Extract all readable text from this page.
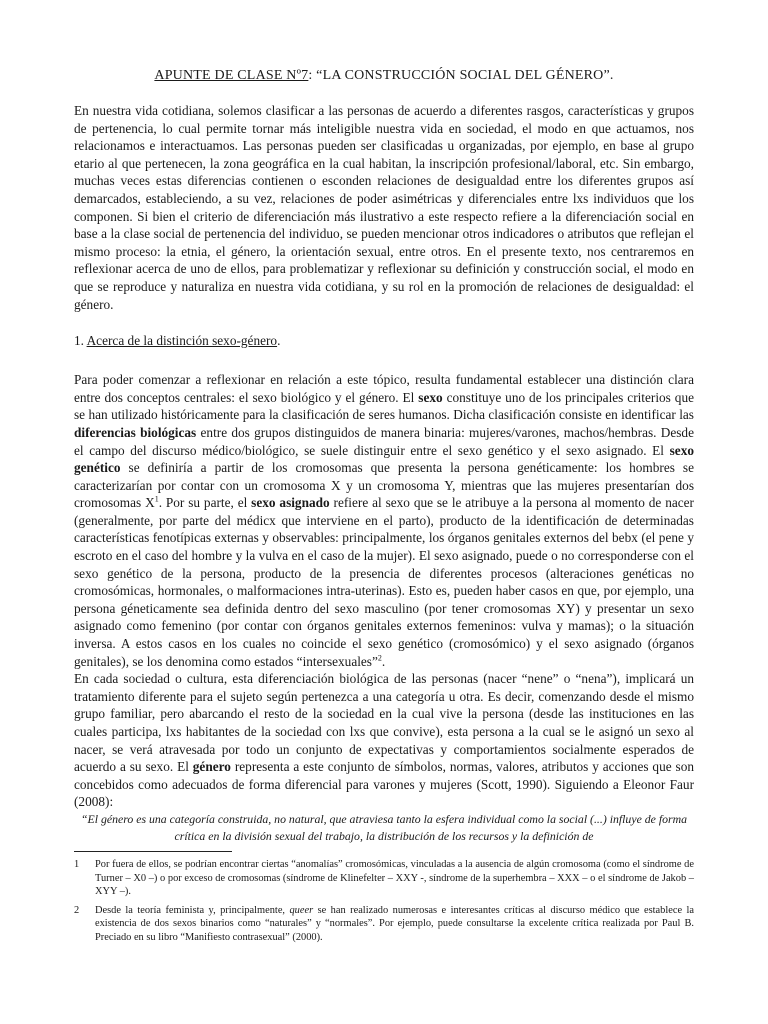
APUNTE DE CLASE Nº7: “LA CONSTRUCCIÓN SOCIAL DEL GÉNERO”.

En nuestra vida cotidiana, solemos clasificar a las personas de acuerdo a diferentes rasgos, características y grupos de pertenencia, lo cual permite tornar más inteligible nuestra vida en sociedad, el modo en que actuamos, nos relacionamos e interactuamos. Las personas pueden ser clasificadas u organizadas, por ejemplo, en base al grupo etario al que pertenecen, la zona geográfica en la cual habitan, la inscripción profesional/laboral, etc. Sin embargo, muchas veces estas diferencias contienen o esconden relaciones de desigualdad entre los diferentes grupos así demarcados, estableciendo, a su vez, relaciones de poder asimétricas y diferenciales entre lxs individuos que los componen. Si bien el criterio de diferenciación más ilustrativo a este respecto refiere a la diferenciación social en base a la clase social de pertenencia del individuo, se pueden mencionar otros indicadores o atributos que reflejan el mismo proceso: la etnia, el género, la orientación sexual, entre otros. En el presente texto, nos centraremos en reflexionar acerca de uno de ellos, para problematizar y reflexionar su definición y construcción social, el modo en que se reproduce y naturaliza en nuestra vida cotidiana, y su rol en la promoción de relaciones de desigualdad: el género.

1. Acerca de la distinción sexo-género.

Para poder comenzar a reflexionar en relación a este tópico, resulta fundamental establecer una distinción clara entre dos conceptos centrales: el sexo biológico y el género. El sexo constituye uno de los principales criterios que se han utilizado históricamente para la clasificación de seres humanos. Dicha clasificación consiste en identificar las diferencias biológicas entre dos grupos distinguidos de manera binaria: mujeres/varones, machos/hembras. Desde el campo del discurso médico/biológico, se suele distinguir entre el sexo genético y el sexo asignado. El sexo genético se definiría a partir de los cromosomas que presenta la persona genéticamente: los hombres se caracterizarían por contar con un cromosoma X y un cromosoma Y, mientras que las mujeres presentarían dos cromosomas $X^1$. Por su parte, el sexo asignado refiere al sexo que se le atribuye a la persona al momento de nacer (generalmente, por parte del médicx que interviene en el parto), producto de la identificación de determinadas características fenotípicas externas y observables: principalmente, los órganos genitales externos del bebx (el pene y escroto en el caso del hombre y la vulva en el caso de la mujer). El sexo asignado, puede o no corresponderse con el sexo genético de la persona, producto de la presencia de diferentes procesos (alteraciones genéticas no cromosómicas, hormonales, o malformaciones intra-uterinas). Esto es, pueden haber casos en que, por ejemplo, una persona géneticamente sea definida dentro del sexo masculino (por tener cromosomas XY) y presentar un sexo asignado como femenino (por contar con órganos genitales externos femeninos: vulva y mamas); o la situación inversa. A estos casos en los cuales no coincide el sexo genético (cromosómico) y el sexo asignado (órganos genitales), se los denomina como estados “intersexuales”$^2$.

En cada sociedad o cultura, esta diferenciación biológica de las personas (nacer “nene” o “nena”), implicará un tratamiento diferente para el sujeto según pertenezca a una categoría u otra. Es decir, comenzando desde el mismo grupo familiar, pero abarcando el resto de la sociedad en la cual vive la persona (desde las instituciones en las cuales participa, lxs habitantes de la sociedad con lxs que convive), esta persona a la cual se le asignó un sexo al nacer, se verá atravesada por todo un conjunto de expectativas y comportamientos socialmente esperados de acuerdo a su sexo. El género representa a este conjunto de símbolos, normas, valores, atributos y acciones que son concebidos como adecuados de forma diferencial para varones y mujeres (Scott, 1990). Siguiendo a Eleonor Faur (2008):

“El género es una categoría construida, no natural, que atraviesa tanto la esfera individual como la social (...) influye de forma crítica en la división sexual del trabajo, la distribución de los recursos y la definición de

1	Por fuera de ellos, se podrían encontrar ciertas “anomalías” cromosómicas, vinculadas a la ausencia de algún cromosoma (como el síndrome de Turner – X0 –) o por exceso de cromosomas (síndrome de Klinefelter – XXY -, síndrome de la superhembra – XXX – o el síndrome de Jakob – XYY –).
2	Desde la teoría feminista y, principalmente, queer se han realizado numerosas e interesantes críticas al discurso médico que establece la existencia de dos sexos binarios como “naturales” y “normales”. Por ejemplo, puede consultarse la excelente crítica realizada por Paul B. Preciado en su libro “Manifiesto contrasexual” (2000).
